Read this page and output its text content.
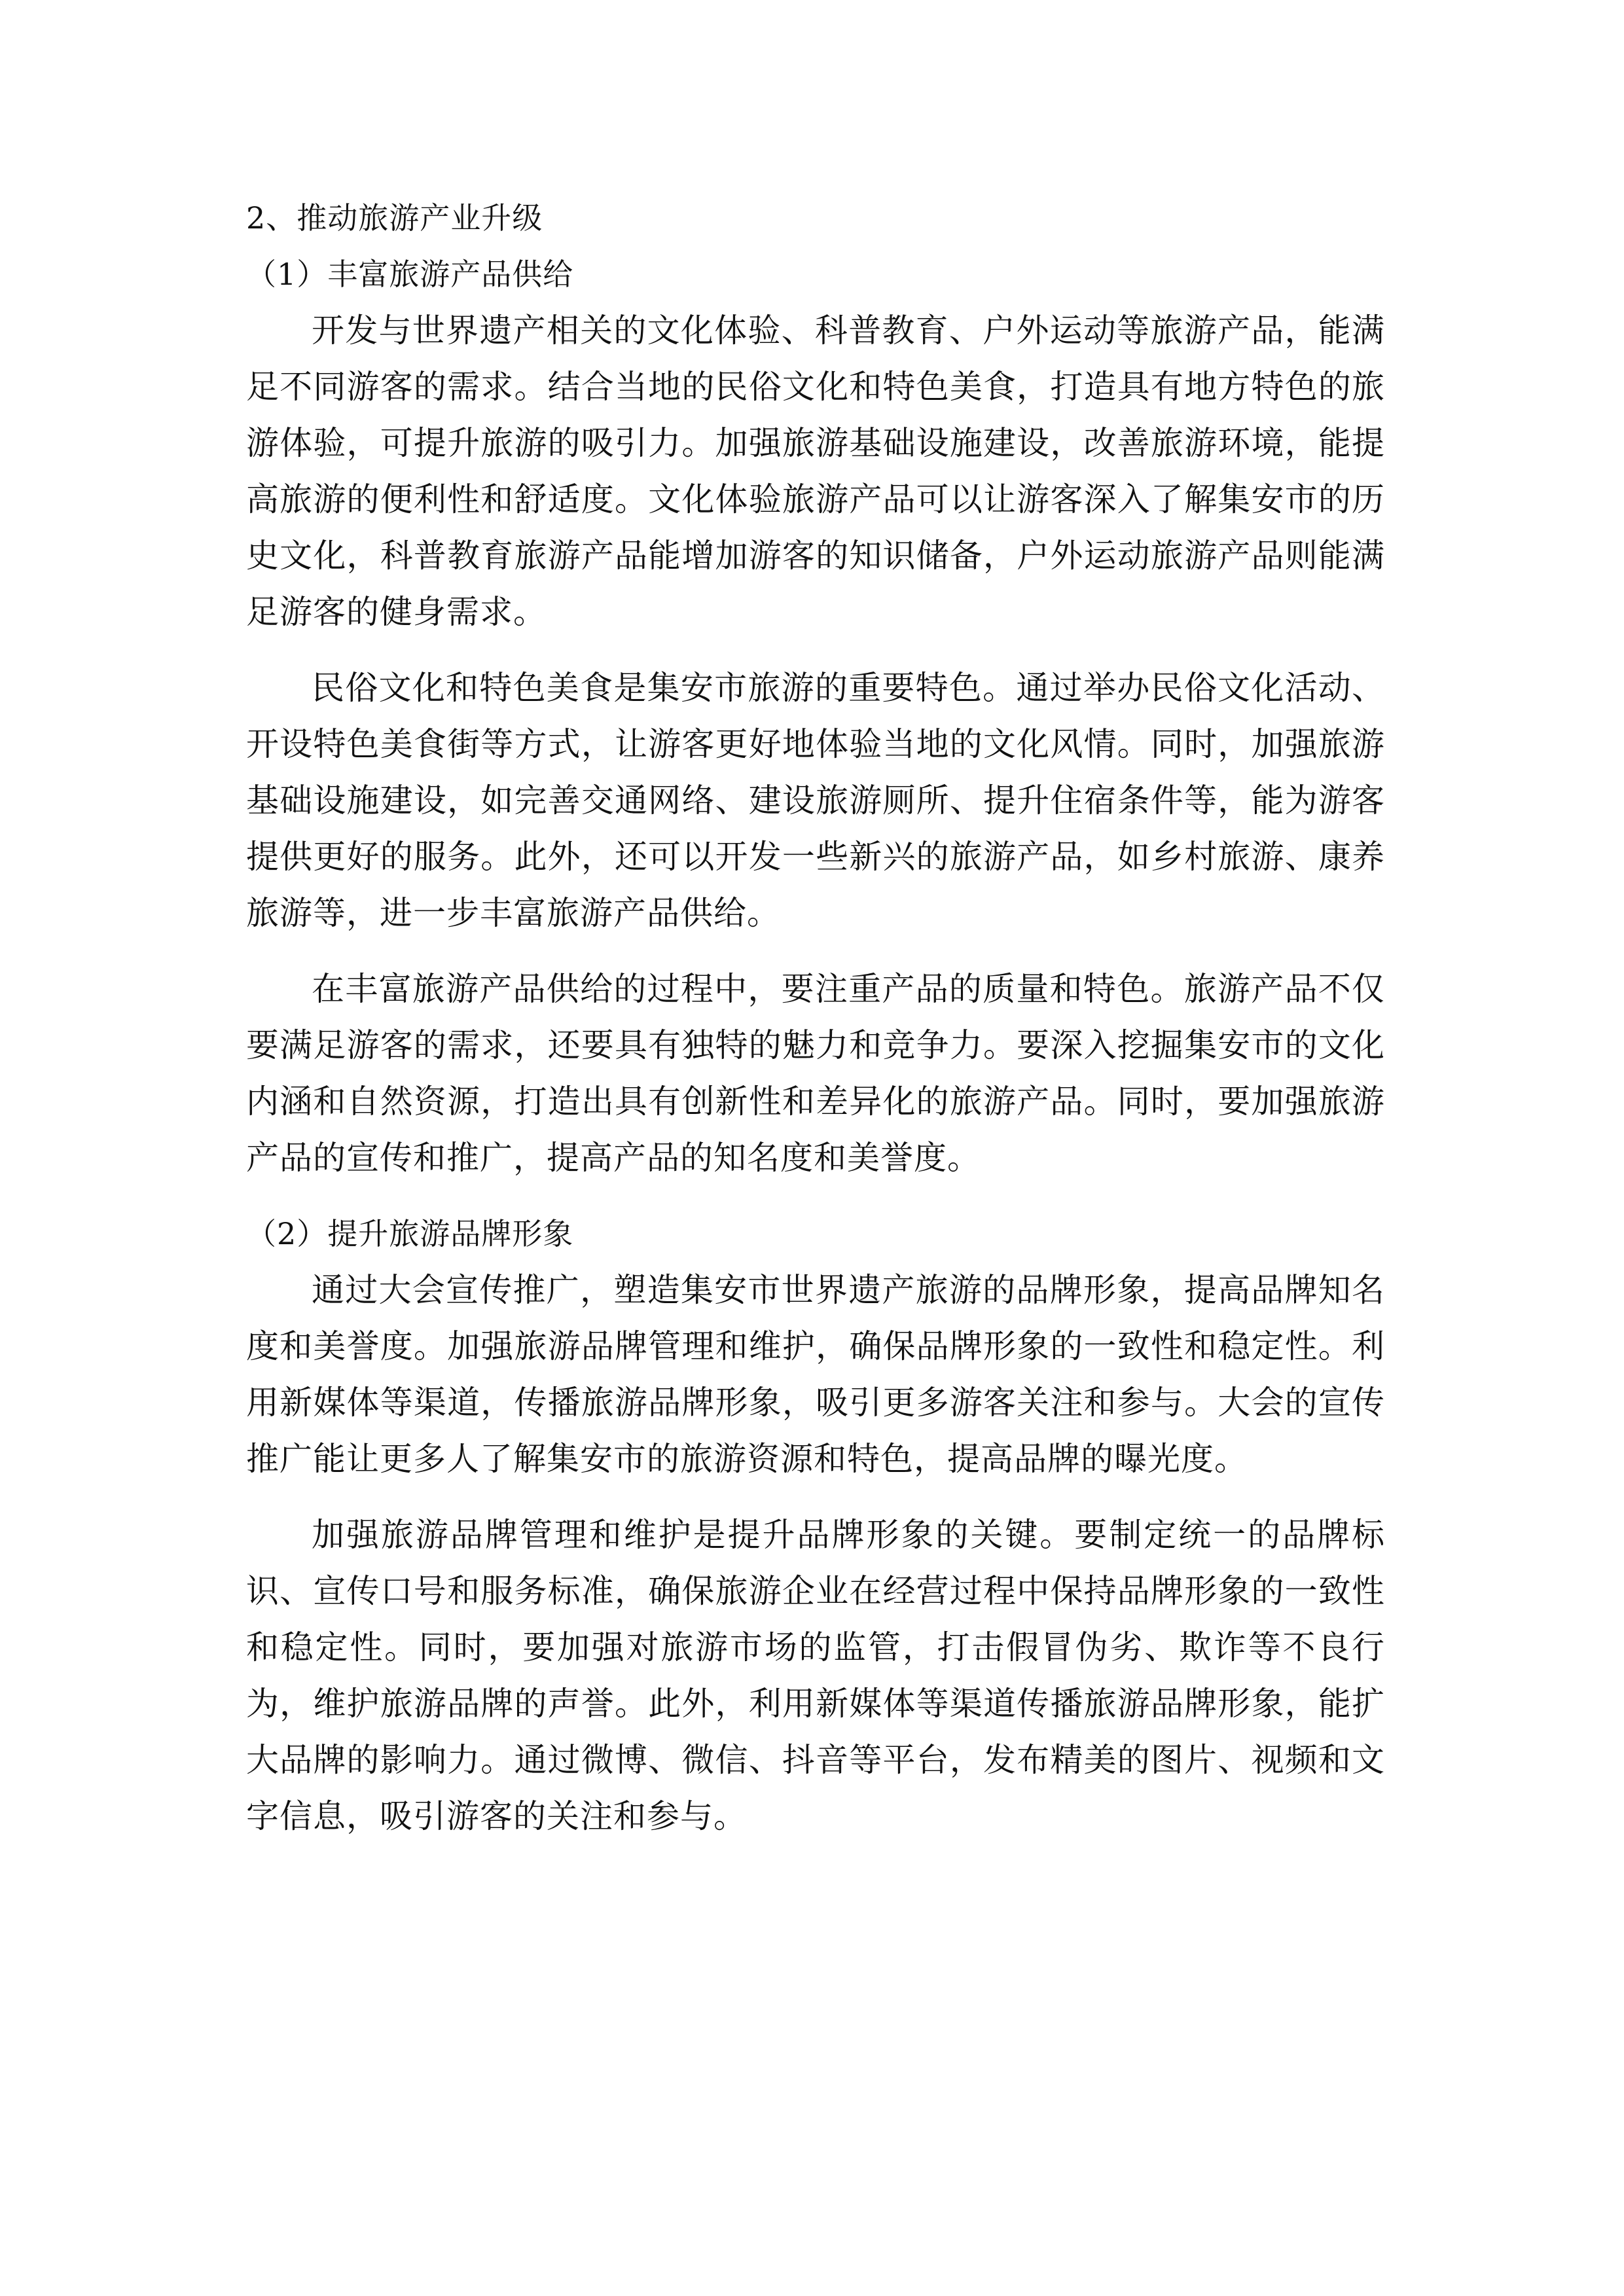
2、推动旅游产业升级

（1）丰富旅游产品供给

开发与世界遗产相关的文化体验、科普教育、户外运动等旅游产品，能满足不同游客的需求。结合当地的民俗文化和特色美食，打造具有地方特色的旅游体验，可提升旅游的吸引力。加强旅游基础设施建设，改善旅游环境，能提高旅游的便利性和舒适度。文化体验旅游产品可以让游客深入了解集安市的历史文化，科普教育旅游产品能增加游客的知识储备，户外运动旅游产品则能满足游客的健身需求。

民俗文化和特色美食是集安市旅游的重要特色。通过举办民俗文化活动、开设特色美食街等方式，让游客更好地体验当地的文化风情。同时，加强旅游基础设施建设，如完善交通网络、建设旅游厕所、提升住宿条件等，能为游客提供更好的服务。此外，还可以开发一些新兴的旅游产品，如乡村旅游、康养旅游等，进一步丰富旅游产品供给。

在丰富旅游产品供给的过程中，要注重产品的质量和特色。旅游产品不仅要满足游客的需求，还要具有独特的魅力和竞争力。要深入挖掘集安市的文化内涵和自然资源，打造出具有创新性和差异化的旅游产品。同时，要加强旅游产品的宣传和推广，提高产品的知名度和美誉度。

（2）提升旅游品牌形象

通过大会宣传推广，塑造集安市世界遗产旅游的品牌形象，提高品牌知名度和美誉度。加强旅游品牌管理和维护，确保品牌形象的一致性和稳定性。利用新媒体等渠道，传播旅游品牌形象，吸引更多游客关注和参与。大会的宣传推广能让更多人了解集安市的旅游资源和特色，提高品牌的曝光度。

加强旅游品牌管理和维护是提升品牌形象的关键。要制定统一的品牌标识、宣传口号和服务标准，确保旅游企业在经营过程中保持品牌形象的一致性和稳定性。同时，要加强对旅游市场的监管，打击假冒伪劣、欺诈等不良行为，维护旅游品牌的声誉。此外，利用新媒体等渠道传播旅游品牌形象，能扩大品牌的影响力。通过微博、微信、抖音等平台，发布精美的图片、视频和文字信息，吸引游客的关注和参与。
